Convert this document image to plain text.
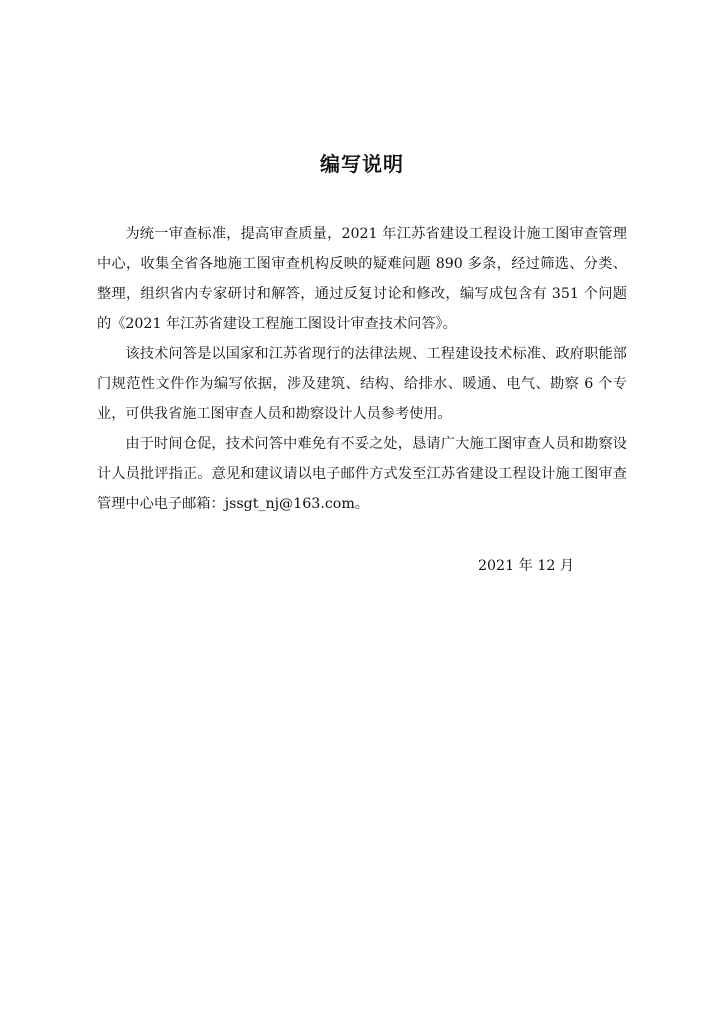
编写说明

为统一审查标准，提高审查质量，2021 年江苏省建设工程设计施工图审查管理中心，收集全省各地施工图审查机构反映的疑难问题 890 多条，经过筛选、分类、整理，组织省内专家研讨和解答，通过反复讨论和修改，编写成包含有 351 个问题的《2021 年江苏省建设工程施工图设计审查技术问答》。

该技术问答是以国家和江苏省现行的法律法规、工程建设技术标准、政府职能部门规范性文件作为编写依据，涉及建筑、结构、给排水、暖通、电气、勘察 6 个专业，可供我省施工图审查人员和勘察设计人员参考使用。

由于时间仓促，技术问答中难免有不妥之处，恳请广大施工图审查人员和勘察设计人员批评指正。意见和建议请以电子邮件方式发至江苏省建设工程设计施工图审查管理中心电子邮箱：jssgt_nj@163.com。

2021 年 12 月
